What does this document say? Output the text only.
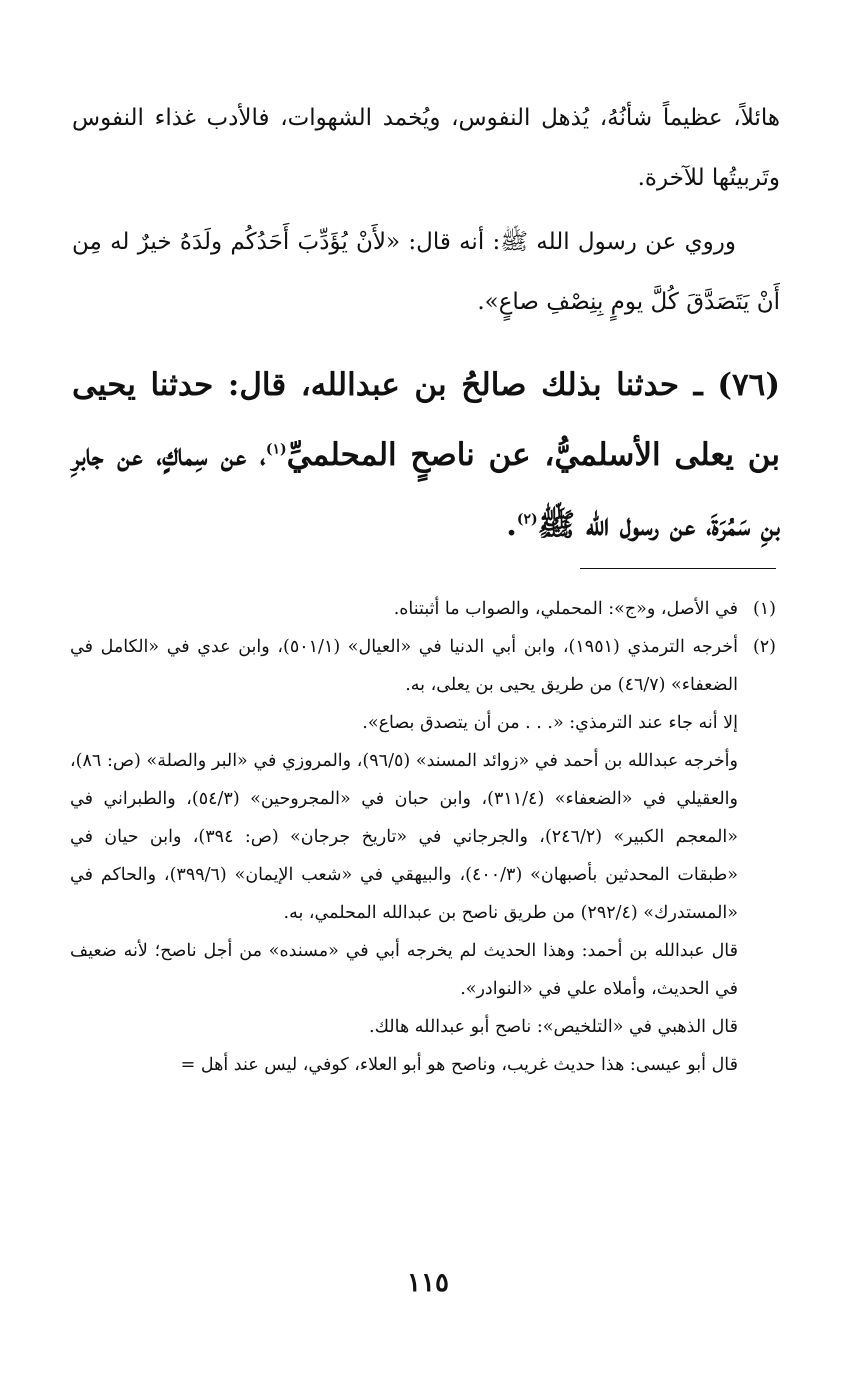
هائلاً، عظيماً شأنُهُ، يُذهل النفوس، ويُخمد الشهوات، فالأدب غذاء النفوس وتَربيتُها للآخرة.

وروي عن رسول الله ﷺ: أنه قال: «لأَنْ يُؤَدِّبَ أَحَدُكُم ولَدَهُ خيرٌ له مِن أَنْ يَتَصَدَّقَ كُلَّ يومٍ بِنِصْفِ صاعٍ».

(٧٦) ـ حدثنا بذلك صالحُ بن عبدالله، قال: حدثنا يحيى بن يعلى الأسلميُّ، عن ناصحٍ المحلميِّ$^{(١)}$، عن سِماكٍ، عن جابرِ بنِ سَمُرَةَ، عن رسول الله ﷺ$^{(٢)}$.

(١)

في الأصل، و«ج»: المحملي، والصواب ما أثبتناه.

(٢)

أخرجه الترمذي (١٩٥١)، وابن أبي الدنيا في «العيال» (٥٠١/١)، وابن عدي في «الكامل في الضعفاء» (٤٦/٧) من طريق يحيى بن يعلى، به.

إلا أنه جاء عند الترمذي: «. . . من أن يتصدق بصاع».

وأخرجه عبدالله بن أحمد في «زوائد المسند» (٩٦/٥)، والمروزي في «البر والصلة» (ص: ٨٦)، والعقيلي في «الضعفاء» (٣١١/٤)، وابن حبان في «المجروحين» (٥٤/٣)، والطبراني في «المعجم الكبير» (٢٤٦/٢)، والجرجاني في «تاريخ جرجان» (ص: ٣٩٤)، وابن حيان في «طبقات المحدثين بأصبهان» (٤٠٠/٣)، والبيهقي في «شعب الإيمان» (٣٩٩/٦)، والحاكم في «المستدرك» (٢٩٢/٤) من طريق ناصح بن عبدالله المحلمي، به.

قال عبدالله بن أحمد: وهذا الحديث لم يخرجه أبي في «مسنده» من أجل ناصح؛ لأنه ضعيف في الحديث، وأملاه علي في «النوادر».

قال الذهبي في «التلخيص»: ناصح أبو عبدالله هالك.

قال أبو عيسى: هذا حديث غريب، وناصح هو أبو العلاء، كوفي، ليس عند أهل =

١١٥
